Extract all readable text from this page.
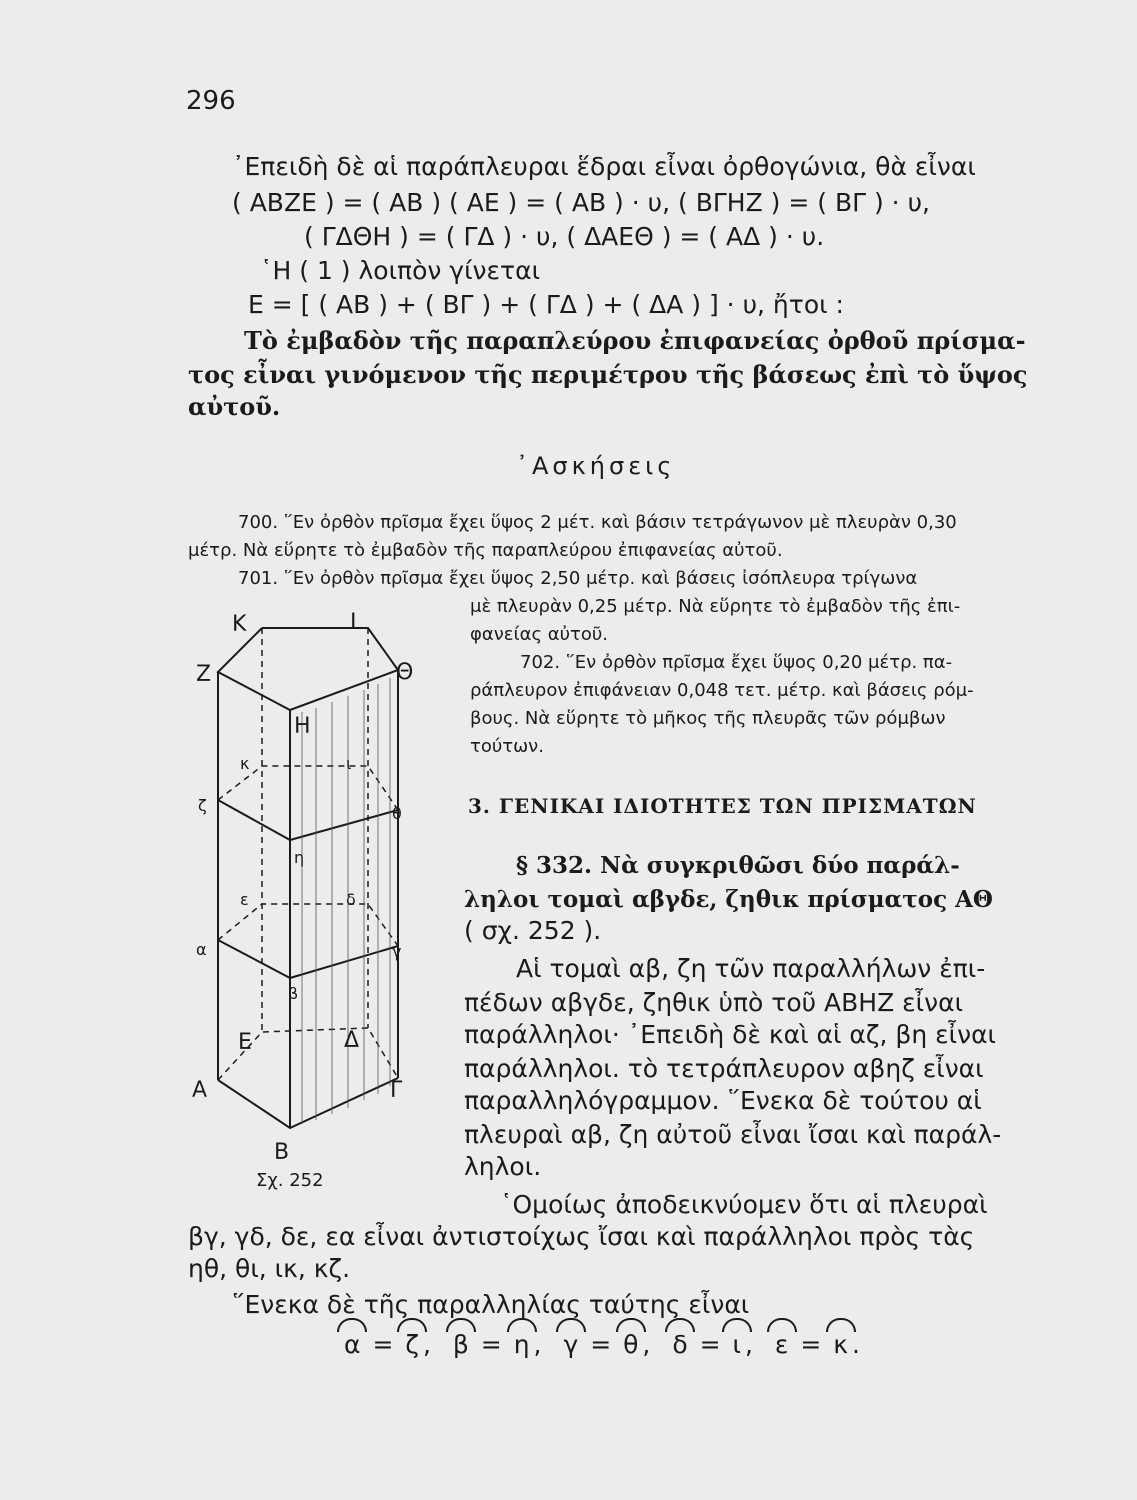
296
᾿Επειδὴ δὲ αἱ παράπλευραι ἕδραι εἶναι ὀρθογώνια, θὰ εἶναι
( ΑΒΖΕ ) = ( ΑΒ ) ( ΑΕ ) = ( ΑΒ ) · υ, ( ΒΓΗΖ ) = ( ΒΓ ) · υ,
( ΓΔΘΗ ) = ( ΓΔ ) · υ, ( ΔΑΕΘ ) = ( ΑΔ ) · υ.
῾Η ( 1 ) λοιπὸν γίνεται
Ε = [ ( ΑΒ ) + ( ΒΓ ) + ( ΓΔ ) + ( ΔΑ ) ] · υ, ἤτοι :
Τὸ ἐμβαδὸν τῆς παραπλεύρου ἐπιφανείας ὀρθοῦ πρίσμα-
τος εἶναι γινόμενον τῆς περιμέτρου τῆς βάσεως ἐπὶ τὸ ὕψος
αὐτοῦ.
᾿Ασκήσεις
700. ῞Εν ὀρθὸν πρῖσμα ἔχει ὕψος 2 μέτ. καὶ βάσιν τετράγωνον μὲ πλευρὰν 0,30
μέτρ. Νὰ εὕρητε τὸ ἐμβαδὸν τῆς παραπλεύρου ἐπιφανείας αὐτοῦ.
701. ῞Εν ὀρθὸν πρῖσμα ἔχει ὕψος 2,50 μέτρ. καὶ βάσεις ἰσόπλευρα τρίγωνα
μὲ πλευρὰν 0,25 μέτρ. Νὰ εὕρητε τὸ ἐμβαδὸν τῆς ἐπι-
φανείας αὐτοῦ.
702. ῞Εν ὀρθὸν πρῖσμα ἔχει ὕψος 0,20 μέτρ. πα-
ράπλευρον ἐπιφάνειαν 0,048 τετ. μέτρ. καὶ βάσεις ρόμ-
βους. Νὰ εὕρητε τὸ μῆκος τῆς πλευρᾶς τῶν ρόμβων
τούτων.
3. ΓΕΝΙΚΑΙ ΙΔΙΟΤΗΤΕΣ ΤΩΝ ΠΡΙΣΜΑΤΩΝ
§ 332. Νὰ συγκριθῶσι δύο παράλ-
ληλοι τομαὶ αβγδε, ζηθικ πρίσματος ΑΘ
( σχ. 252 ).
Αἱ τομαὶ αβ, ζη τῶν παραλλήλων ἐπι-
πέδων αβγδε, ζηθικ ὑπὸ τοῦ ΑΒΗΖ εἶναι
παράλληλοι· ᾿Επειδὴ δὲ καὶ αἱ αζ, βη εἶναι
παράλληλοι. τὸ τετράπλευρον αβηζ εἶναι
παραλληλόγραμμον. ῞Ενεκα δὲ τούτου αἱ
πλευραὶ αβ, ζη αὐτοῦ εἶναι ἴσαι καὶ παράλ-
ληλοι.
῾Ομοίως ἀποδεικνύομεν ὅτι αἱ πλευραὶ
βγ, γδ, δε, εα εἶναι ἀντιστοίχως ἴσαι καὶ παράλληλοι πρὸς τὰς
ηθ, θι, ικ, κζ.
῞Ενεκα δὲ τῆς παραλληλίας ταύτης εἶναι
α = ζ , β = η , γ = θ , δ = ι , ε = κ .
Κ	Ι
Ζ	Θ
Η
κ	ι
ζ	θ
η
ε	δ
α	γ
β
Ε	Δ
Α	Γ
Β
Σχ. 252
